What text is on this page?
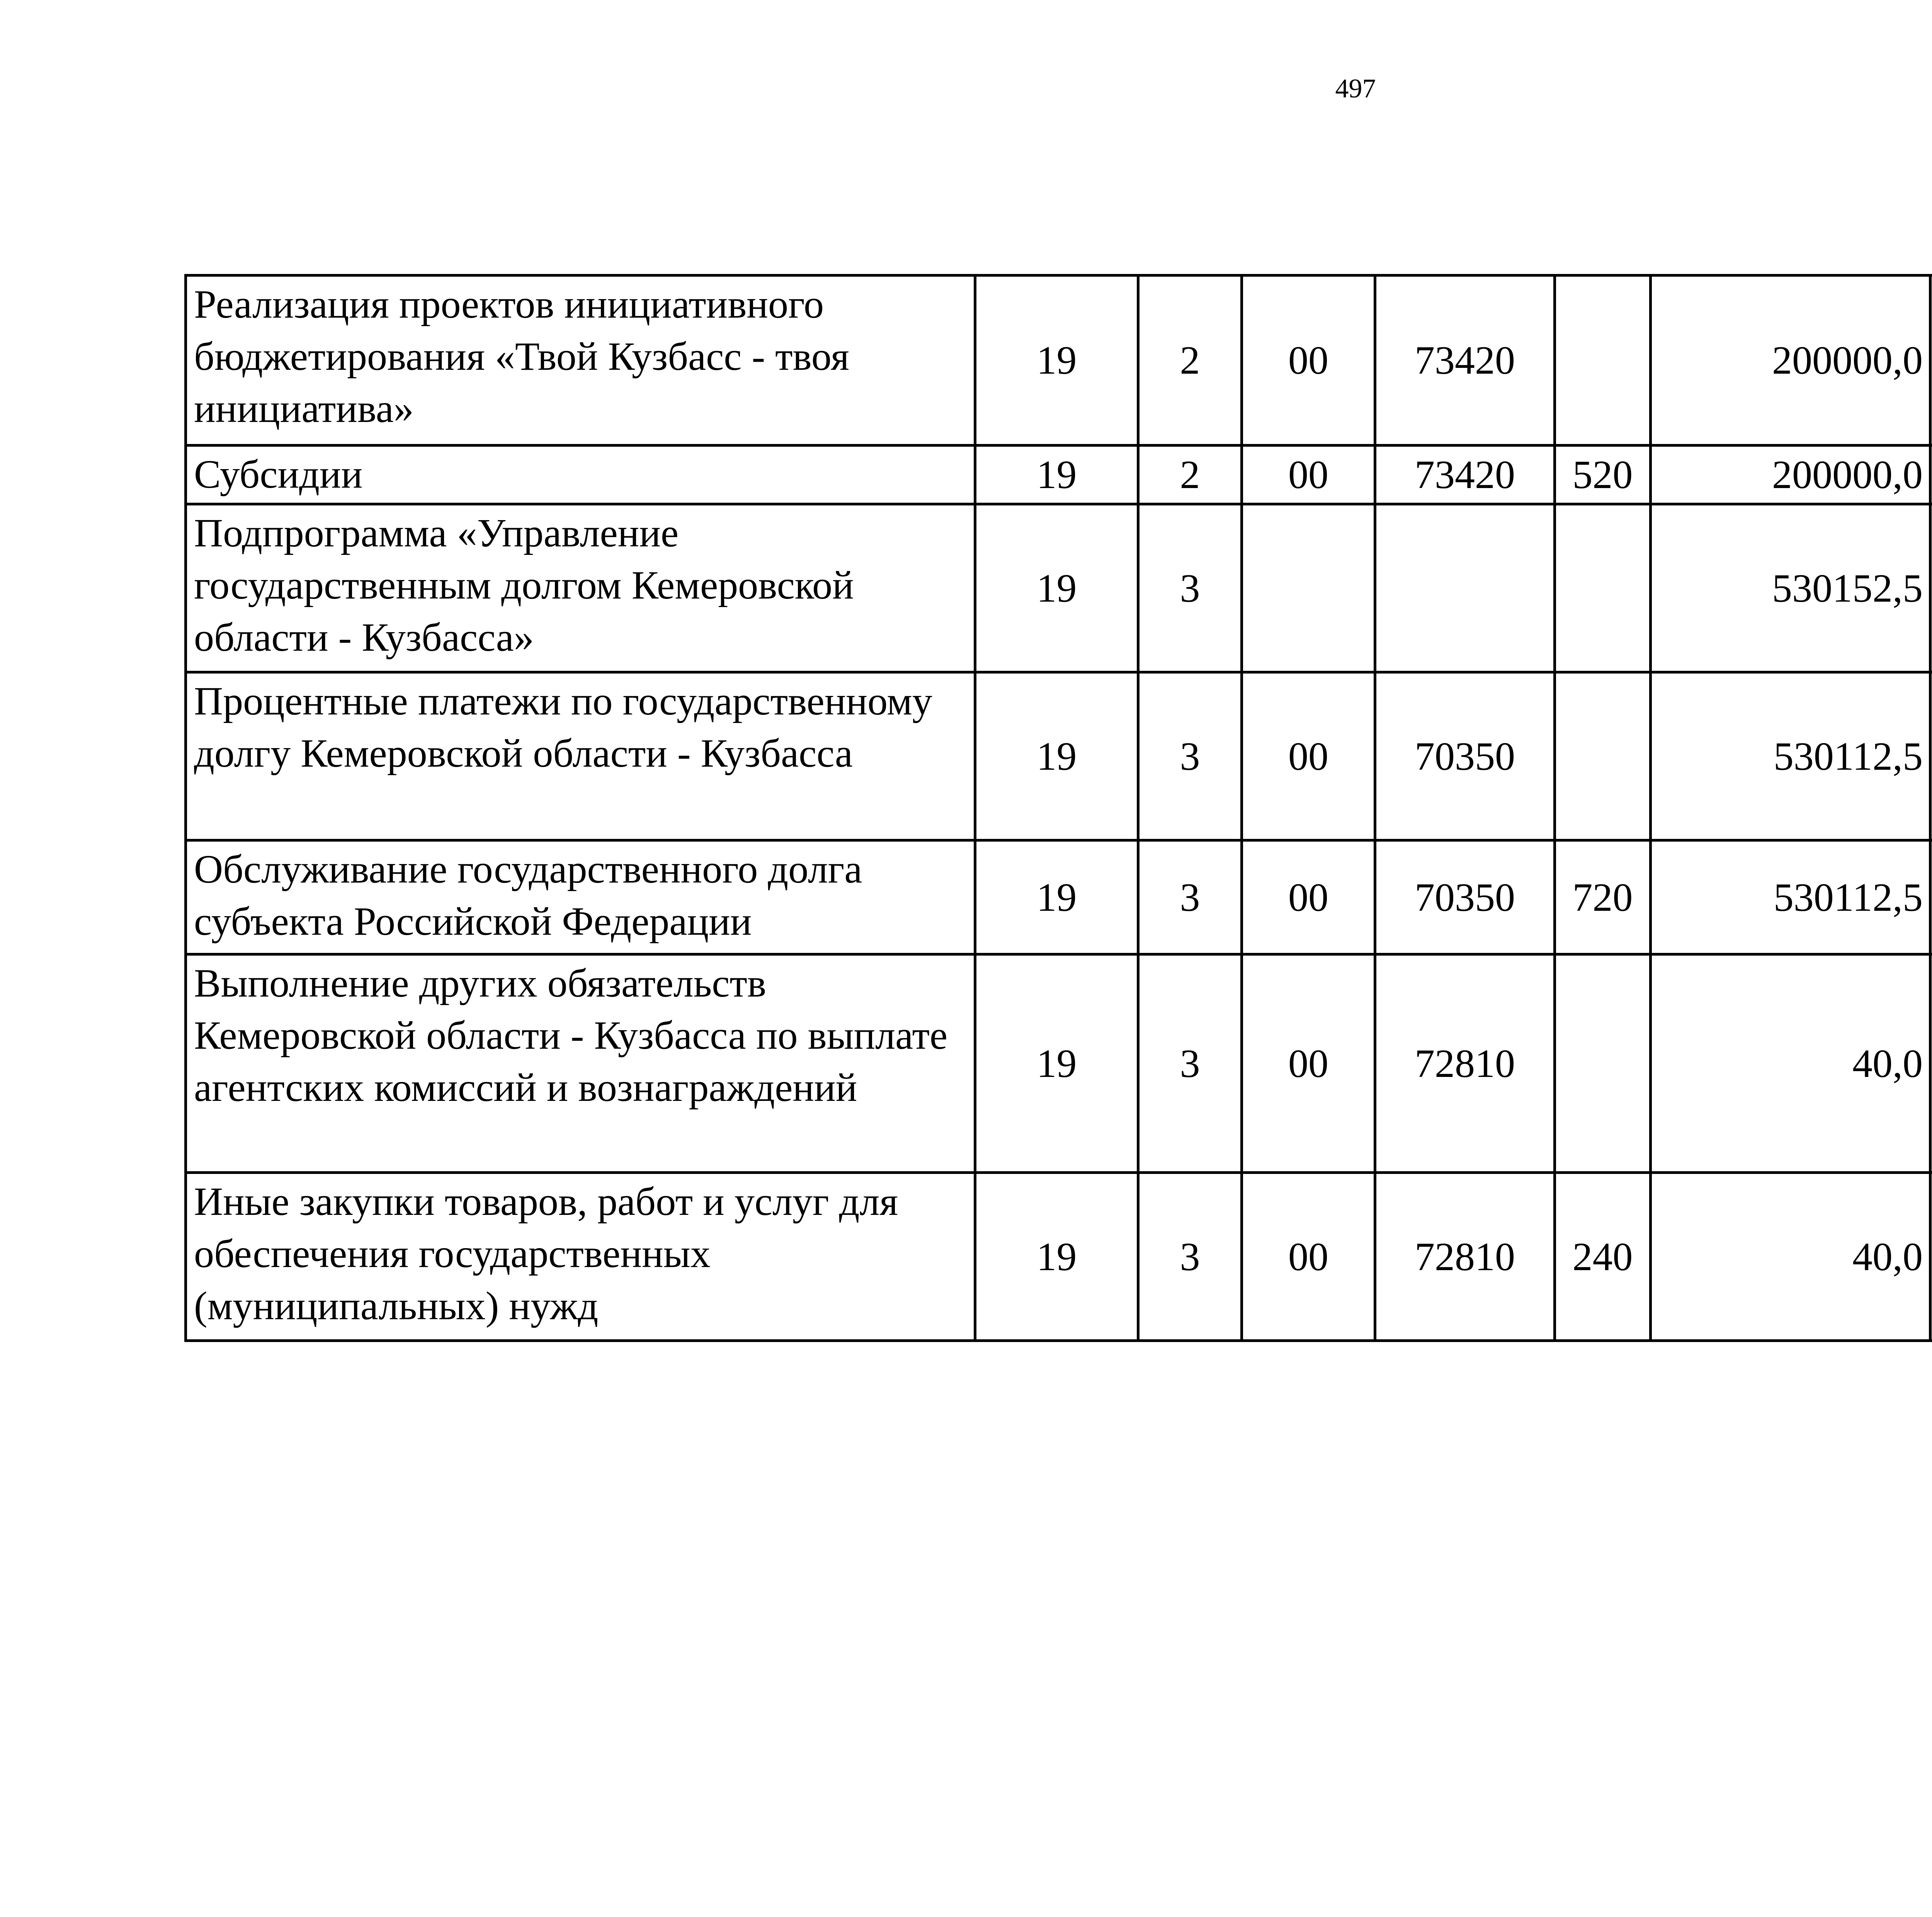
497
Реализация проектов инициативного бюджетирования «Твой Кузбасс - твоя инициатива»	19	2	00	73420		200000,0		

Субсидии	19	2	00	73420	520	200000,0		

Подпрограмма «Управление государственным долгом Кемеровской области - Кузбасса»	19	3				530152,5		

Процентные платежи по государственному долгу Кемеровской области - Кузбасса	19	3	00	70350		530112,5		

Обслуживание государственного долга субъекта Российской Федерации	19	3	00	70350	720	530112,5		

Выполнение других обязательств Кемеровской области - Кузбасса по выплате агентских комиссий и вознаграждений	19	3	00	72810		40,0		

Иные закупки товаров, работ и услуг для обеспечения государственных (муниципальных) нужд	19	3	00	72810	240	40,0		
